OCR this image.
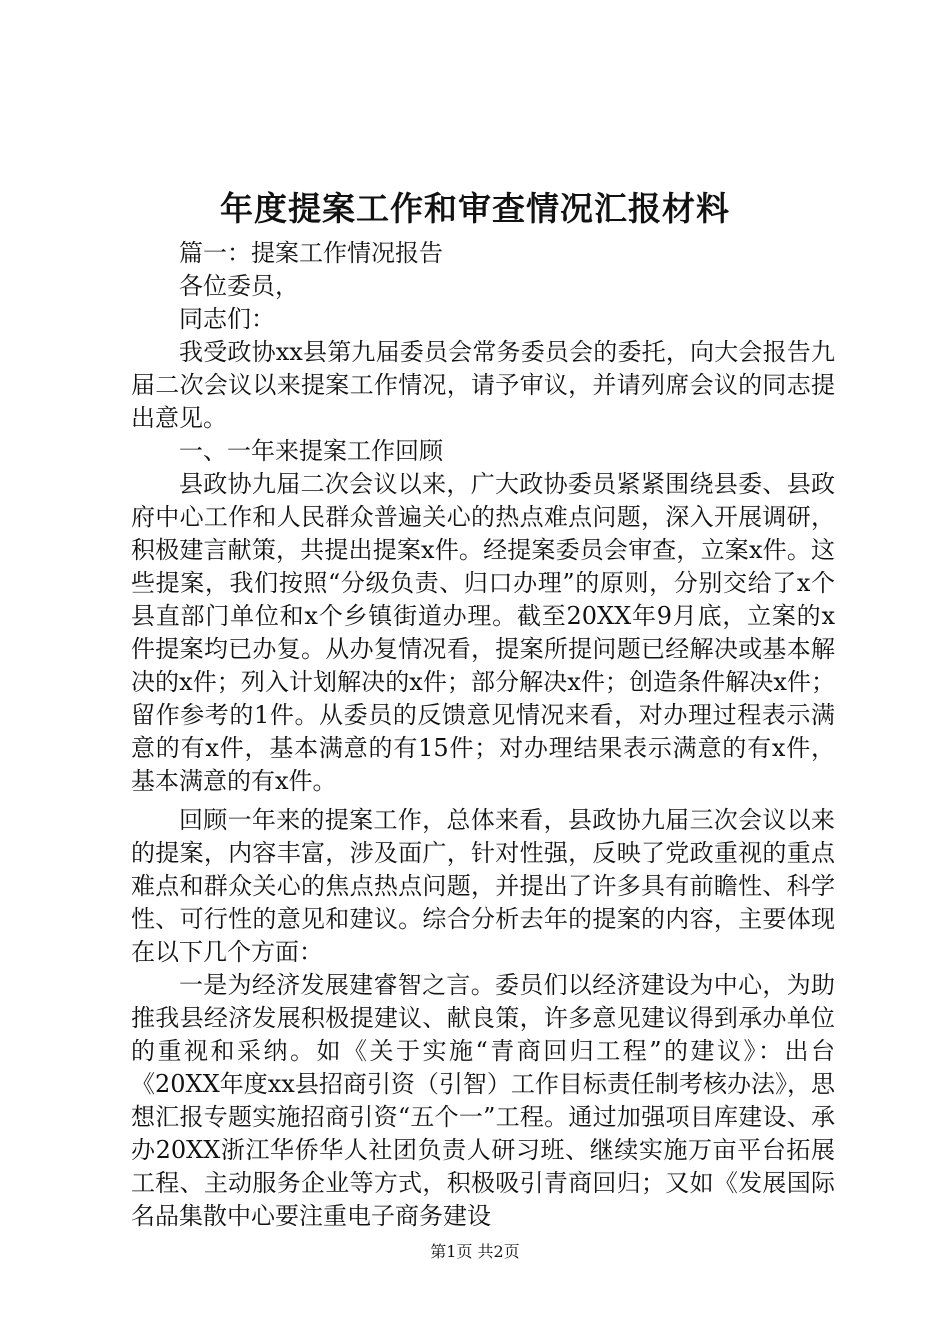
年度提案工作和审查情况汇报材料

篇一：提案工作情况报告

各位委员，

同志们：

我受政协xx县第九届委员会常务委员会的委托，向大会报告九届二次会议以来提案工作情况，请予审议，并请列席会议的同志提出意见。

一、一年来提案工作回顾

县政协九届二次会议以来，广大政协委员紧紧围绕县委、县政府中心工作和人民群众普遍关心的热点难点问题，深入开展调研，积极建言献策，共提出提案x件。经提案委员会审查，立案x件。这些提案，我们按照“分级负责、归口办理”的原则，分别交给了x个县直部门单位和x个乡镇街道办理。截至20XX年9月底，立案的x件提案均已办复。从办复情况看，提案所提问题已经解决或基本解决的x件；列入计划解决的x件；部分解决x件；创造条件解决x件；留作参考的1件。从委员的反馈意见情况来看，对办理过程表示满意的有x件，基本满意的有15件；对办理结果表示满意的有x件，基本满意的有x件。

回顾一年来的提案工作，总体来看，县政协九届三次会议以来的提案，内容丰富，涉及面广，针对性强，反映了党政重视的重点难点和群众关心的焦点热点问题，并提出了许多具有前瞻性、科学性、可行性的意见和建议。综合分析去年的提案的内容，主要体现在以下几个方面：

一是为经济发展建睿智之言。委员们以经济建设为中心，为助推我县经济发展积极提建议、献良策，许多意见建议得到承办单位的重视和采纳。如《关于实施“青商回归工程”的建议》：出台《20XX年度xx县招商引资（引智）工作目标责任制考核办法》，思想汇报专题实施招商引资“五个一”工程。通过加强项目库建设、承办20XX浙江华侨华人社团负责人研习班、继续实施万亩平台拓展工程、主动服务企业等方式，积极吸引青商回归；又如《发展国际名品集散中心要注重电子商务建设

第1页 共2页
